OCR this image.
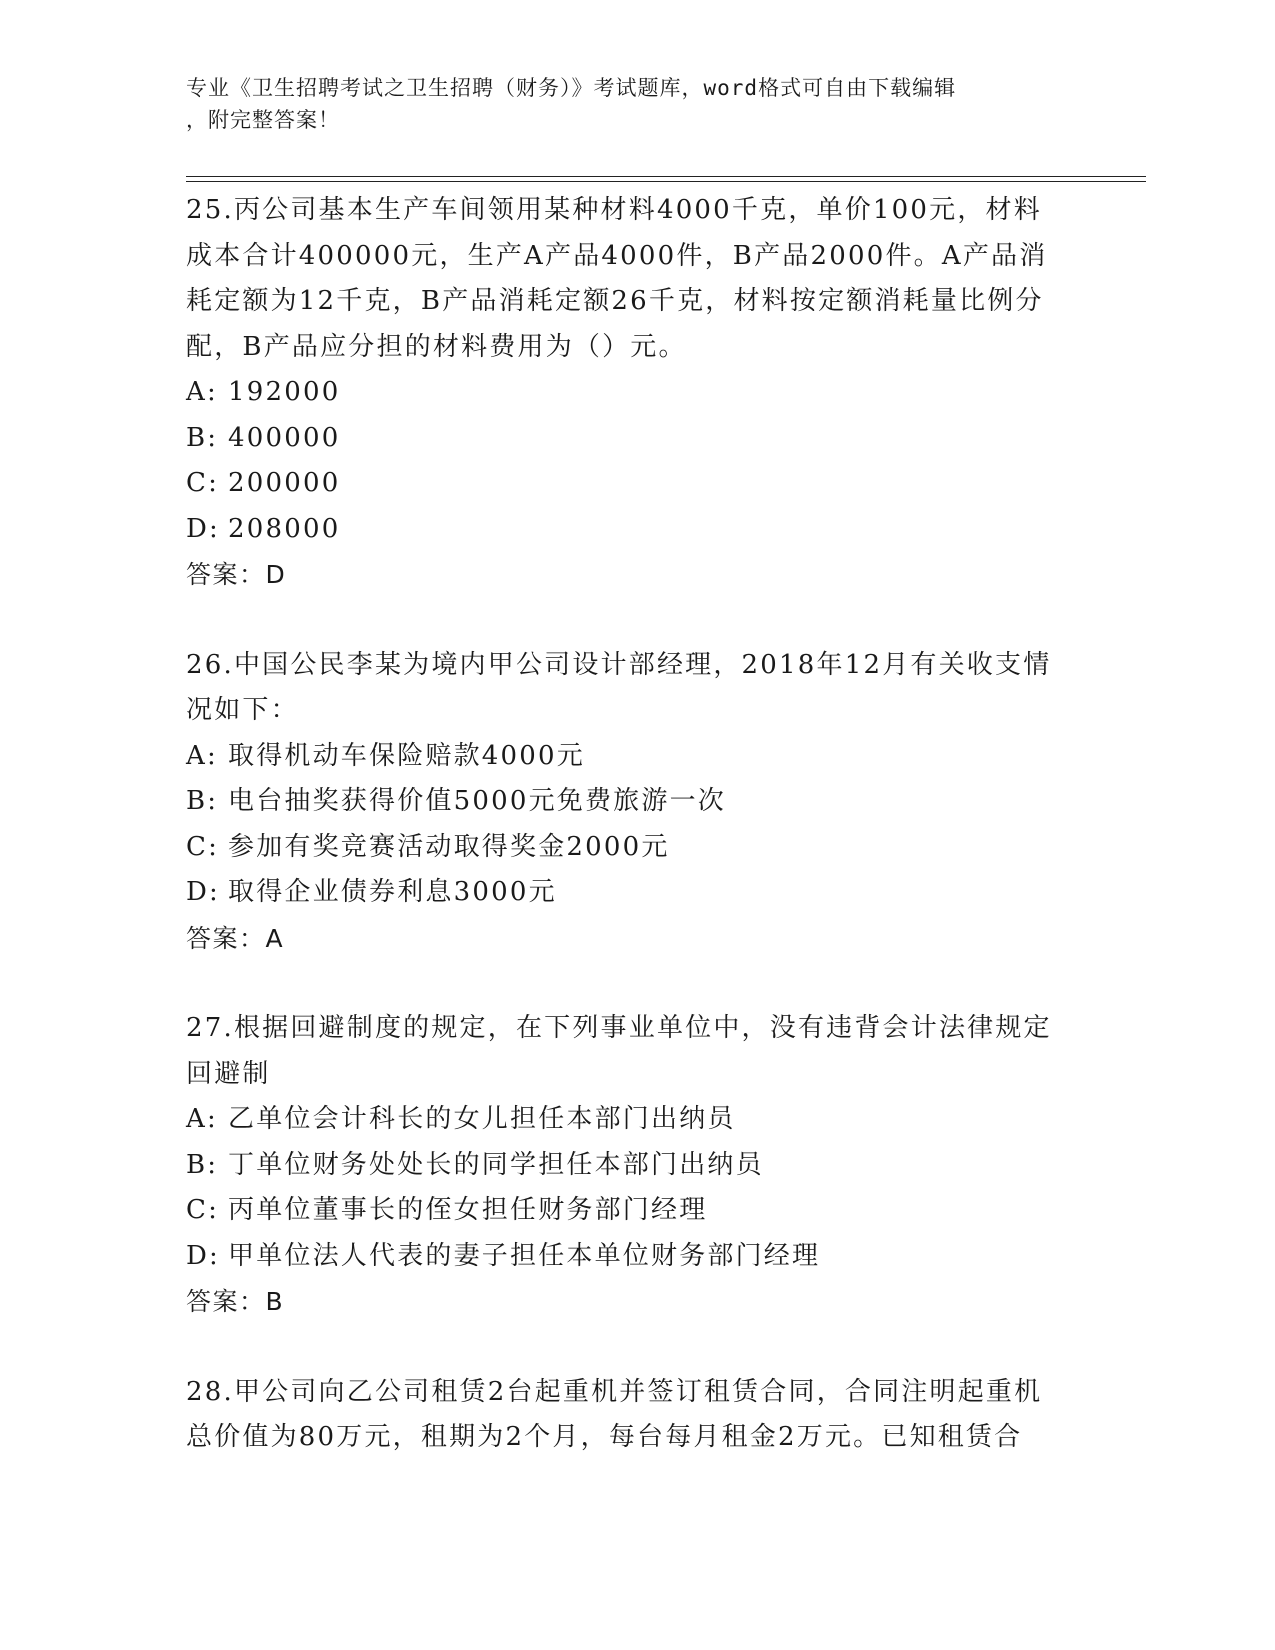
专业《卫生招聘考试之卫生招聘（财务）》考试题库，word格式可自由下载编辑
，附完整答案！

25.丙公司基本生产车间领用某种材料4000千克，单价100元，材料
成本合计400000元，生产A产品4000件，B产品2000件。A产品消
耗定额为12千克，B产品消耗定额26千克，材料按定额消耗量比例分
配，B产品应分担的材料费用为（）元。

A: 192000

B: 400000

C: 200000

D: 208000

答案：D

26.中国公民李某为境内甲公司设计部经理，2018年12月有关收支情
况如下：

A: 取得机动车保险赔款4000元

B: 电台抽奖获得价值5000元免费旅游一次

C: 参加有奖竞赛活动取得奖金2000元

D: 取得企业债券利息3000元

答案：A

27.根据回避制度的规定，在下列事业单位中，没有违背会计法律规定
回避制

A: 乙单位会计科长的女儿担任本部门出纳员

B: 丁单位财务处处长的同学担任本部门出纳员

C: 丙单位董事长的侄女担任财务部门经理

D: 甲单位法人代表的妻子担任本单位财务部门经理

答案：B

28.甲公司向乙公司租赁2台起重机并签订租赁合同，合同注明起重机
总价值为80万元，租期为2个月，每台每月租金2万元。已知租赁合
